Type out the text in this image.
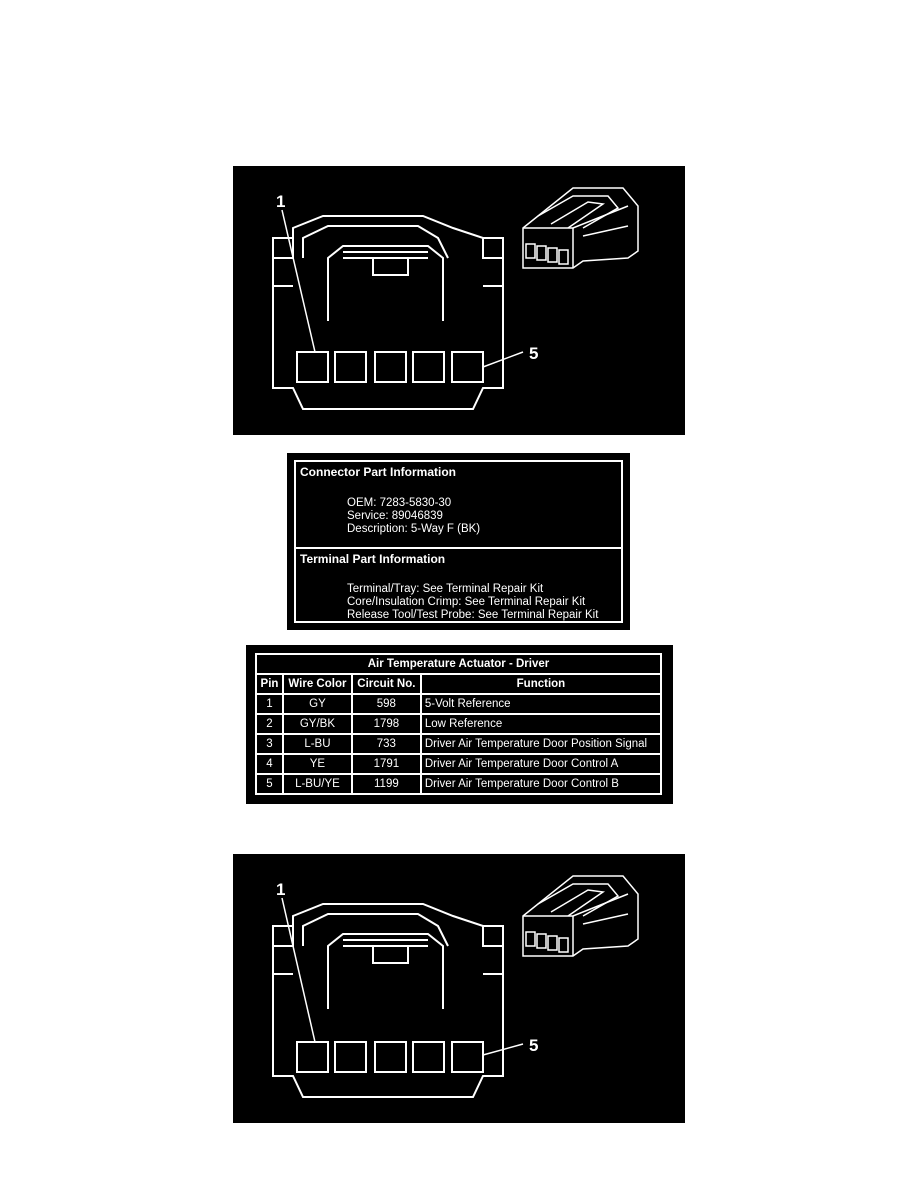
1
5
Connector Part Information
OEM: 7283-5830-30
Service: 89046839
Description: 5-Way F (BK)
Terminal Part Information
Terminal/Tray: See Terminal Repair Kit
Core/Insulation Crimp: See Terminal Repair Kit
Release Tool/Test Probe: See Terminal Repair Kit
Air Temperature Actuator - Driver			
Pin	Wire Color	Circuit No.	Function
1	GY	598	5-Volt Reference
2	GY/BK	1798	Low Reference
3	L-BU	733	Driver Air Temperature Door Position Signal
4	YE	1791	Driver Air Temperature Door Control A
5	L-BU/YE	1199	Driver Air Temperature Door Control B
1
5
